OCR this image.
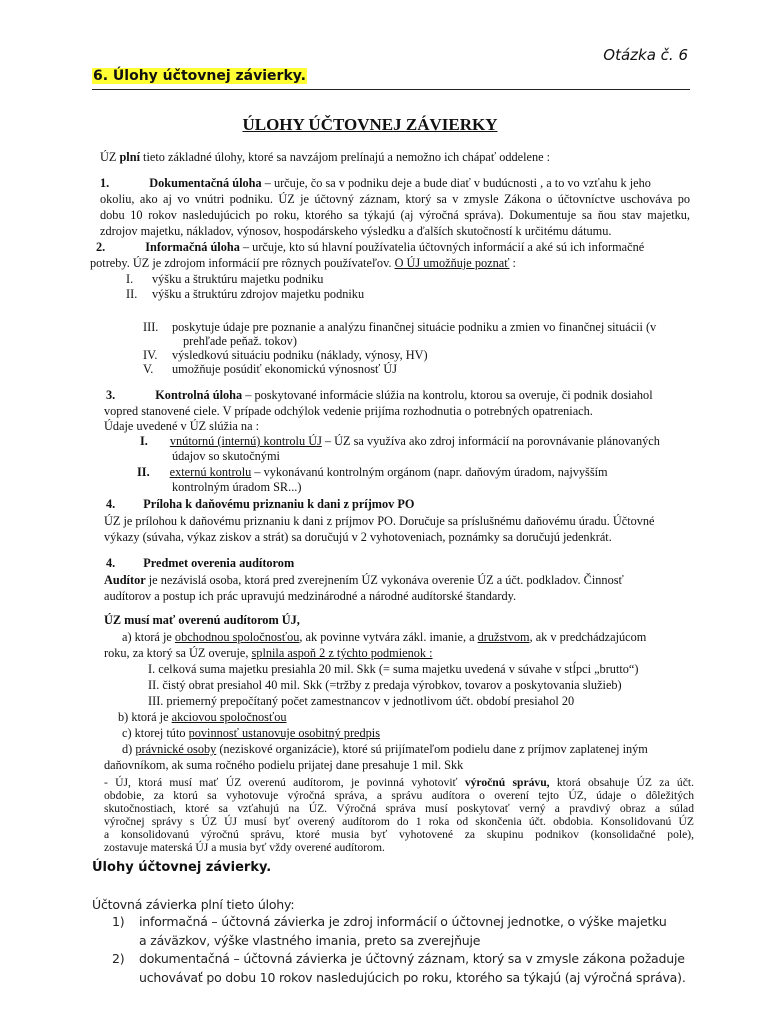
Otázka č. 6
6. Úlohy účtovnej závierky.
ÚLOHY ÚČTOVNEJ ZÁVIERKY
ÚZ plní tieto základné úlohy, ktoré sa navzájom prelínajú a nemožno ich chápať oddelene :
1.	Dokumentačná úloha – určuje, čo sa v podniku deje a bude diať v budúcnosti , a to vo vzťahu k jeho
okoliu, ako aj vo vnútri podniku. ÚZ je účtovný záznam, ktorý sa v zmysle Zákona o účtovníctve uschováva po
dobu 10 rokov nasledujúcich po roku, ktorého sa týkajú (aj výročná správa). Dokumentuje sa ňou stav majetku,
zdrojov majetku, nákladov, výnosov, hospodárskeho výsledku a ďalších skutočností k určitému dátumu.
2.	Informačná úloha – určuje, kto sú hlavní používatelia účtovných informácií a aké sú ich informačné
potreby. ÚZ je zdrojom informácií pre rôznych používateľov. O ÚJ umožňuje poznať :
I. výšku a štruktúru majetku podniku
II. výšku a štruktúru zdrojov majetku podniku
III. poskytuje údaje pre poznanie a analýzu finančnej situácie podniku a zmien vo finančnej situácii (v
prehľade peňaž. tokov)
IV. výsledkovú situáciu podniku (náklady, výnosy, HV)
V. umožňuje posúdiť ekonomickú výnosnosť ÚJ
3.	Kontrolná úloha – poskytované informácie slúžia na kontrolu, ktorou sa overuje, či podnik dosiahol
vopred stanovené ciele. V prípade odchýlok vedenie prijíma rozhodnutia o potrebných opatreniach.
Údaje uvedené v ÚZ slúžia na :
I. vnútornú (internú) kontrolu ÚJ – ÚZ sa využíva ako zdroj informácií na porovnávanie plánovaných
údajov so skutočnými
II. externú kontrolu – vykonávanú kontrolným orgánom (napr. daňovým úradom, najvyšším
kontrolným úradom SR...)
4. Príloha k daňovému priznaniu k dani z príjmov PO
ÚZ je prílohou k daňovému priznaniu k dani z príjmov PO. Doručuje sa príslušnému daňovému úradu. Účtovné
výkazy (súvaha, výkaz ziskov a strát) sa doručujú v 2 vyhotoveniach, poznámky sa doručujú jedenkrát.
4. Predmet overenia audítorom
Audítor je nezávislá osoba, ktorá pred zverejnením ÚZ vykonáva overenie ÚZ a účt. podkladov. Činnosť
audítorov a postup ich prác upravujú medzinárodné a národné audítorské štandardy.
ÚZ musí mať overenú audítorom ÚJ,
a) ktorá je obchodnou spoločnosťou, ak povinne vytvára zákl. imanie, a družstvom, ak v predchádzajúcom
roku, za ktorý sa ÚZ overuje, splnila aspoň 2 z týchto podmienok :
I. celková suma majetku presiahla 20 mil. Skk (= suma majetku uvedená v súvahe v stĺpci „brutto“)
II. čistý obrat presiahol 40 mil. Skk (=tržby z predaja výrobkov, tovarov a poskytovania služieb)
III. priemerný prepočítaný počet zamestnancov v jednotlivom účt. období presiahol 20
b) ktorá je akciovou spoločnosťou
c) ktorej túto povinnosť ustanovuje osobitný predpis
d) právnické osoby (neziskové organizácie), ktoré sú prijímateľom podielu dane z príjmov zaplatenej iným
daňovníkom, ak suma ročného podielu prijatej dane presahuje 1 mil. Skk
- ÚJ, ktorá musí mať ÚZ overenú audítorom, je povinná vyhotoviť výročnú správu, ktorá obsahuje ÚZ za účt.
obdobie, za ktorú sa vyhotovuje výročná správa, a správu audítora o overení tejto ÚZ, údaje o dôležitých
skutočnostiach, ktoré sa vzťahujú na ÚZ. Výročná správa musí poskytovať verný a pravdivý obraz a súlad
výročnej správy s ÚZ ÚJ musí byť overený audítorom do 1 roka od skončenia účt. obdobia. Konsolidovanú ÚZ
a konsolidovanú výročnú správu, ktoré musia byť vyhotovené za skupinu podnikov (konsolidačné pole),
zostavuje materská ÚJ a musia byť vždy overené audítorom.
Úlohy účtovnej závierky.
Účtovná závierka plní tieto úlohy:
1) informačná – účtovná závierka je zdroj informácií o účtovnej jednotke, o výške majetku
a záväzkov, výške vlastného imania, preto sa zverejňuje
2) dokumentačná – účtovná závierka je účtovný záznam, ktorý sa v zmysle zákona požaduje
uchovávať po dobu 10 rokov nasledujúcich po roku, ktorého sa týkajú (aj výročná správa).
